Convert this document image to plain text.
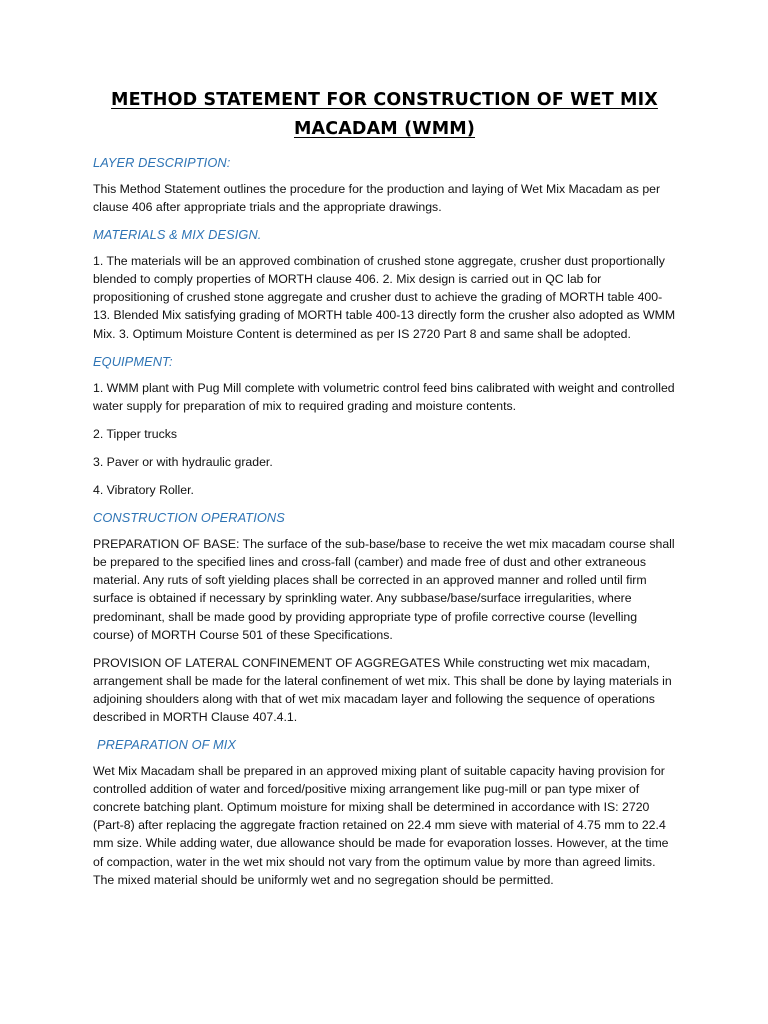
METHOD STATEMENT FOR CONSTRUCTION OF WET MIX
MACADAM (WMM)

LAYER DESCRIPTION:

This Method Statement outlines the procedure for the production and laying of Wet Mix Macadam as per clause 406 after appropriate trials and the appropriate drawings.

MATERIALS & MIX DESIGN.

1. The materials will be an approved combination of crushed stone aggregate, crusher dust proportionally blended to comply properties of MORTH clause 406. 2. Mix design is carried out in QC lab for propositioning of crushed stone aggregate and crusher dust to achieve the grading of MORTH table 400-13. Blended Mix satisfying grading of MORTH table 400-13 directly form the crusher also adopted as WMM Mix. 3. Optimum Moisture Content is determined as per IS 2720 Part 8 and same shall be adopted.

EQUIPMENT:

1. WMM plant with Pug Mill complete with volumetric control feed bins calibrated with weight and controlled water supply for preparation of mix to required grading and moisture contents.

2. Tipper trucks

3. Paver or with hydraulic grader.

4. Vibratory Roller.

CONSTRUCTION OPERATIONS

PREPARATION OF BASE: The surface of the sub-base/base to receive the wet mix macadam course shall be prepared to the specified lines and cross-fall (camber) and made free of dust and other extraneous material. Any ruts of soft yielding places shall be corrected in an approved manner and rolled until firm surface is obtained if necessary by sprinkling water. Any subbase/base/surface irregularities, where predominant, shall be made good by providing appropriate type of profile corrective course (levelling course) of MORTH Course 501 of these Specifications.

PROVISION OF LATERAL CONFINEMENT OF AGGREGATES While constructing wet mix macadam, arrangement shall be made for the lateral confinement of wet mix. This shall be done by laying materials in adjoining shoulders along with that of wet mix macadam layer and following the sequence of operations described in MORTH Clause 407.4.1.

PREPARATION OF MIX

Wet Mix Macadam shall be prepared in an approved mixing plant of suitable capacity having provision for controlled addition of water and forced/positive mixing arrangement like pug-mill or pan type mixer of concrete batching plant. Optimum moisture for mixing shall be determined in accordance with IS: 2720 (Part-8) after replacing the aggregate fraction retained on 22.4 mm sieve with material of 4.75 mm to 22.4 mm size. While adding water, due allowance should be made for evaporation losses. However, at the time of compaction, water in the wet mix should not vary from the optimum value by more than agreed limits. The mixed material should be uniformly wet and no segregation should be permitted.
